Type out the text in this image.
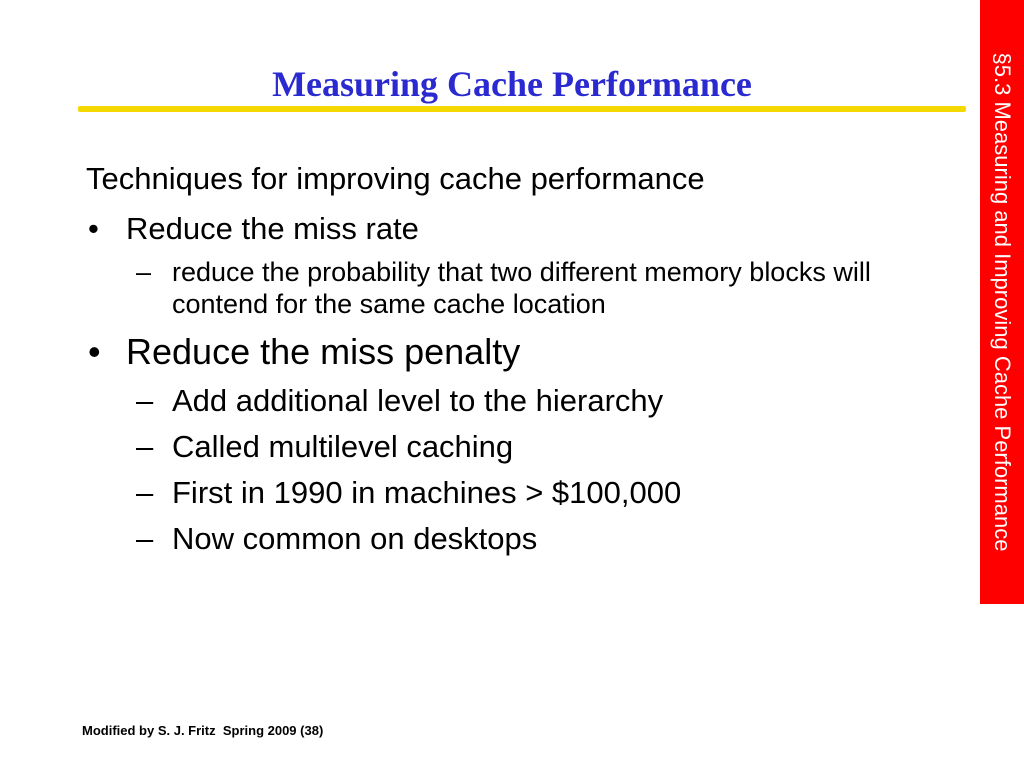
Measuring Cache Performance	§5.3 Measuring and Improving Cache Performance

Techniques for improving cache performance

• Reduce the miss rate
– reduce the probability that two different memory blocks will contend for the same cache location
• Reduce the miss penalty
– Add additional level to the hierarchy
– Called multilevel caching
– First in 1990 in machines > $100,000
– Now common on desktops
Modified by S. J. Fritz  Spring 2009 (38)
